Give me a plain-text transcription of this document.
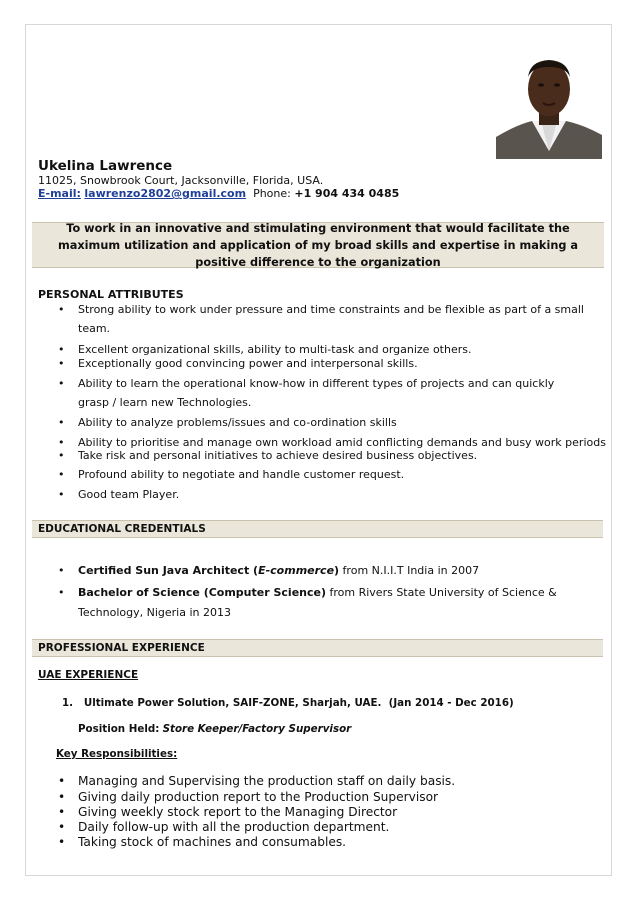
Ukelina Lawrence
11025, Snowbrook Court, Jacksonville, Florida, USA.
E-mail: lawrenzo2802@gmail.com Phone: +1 904 434 0485
To work in an innovative and stimulating environment that would facilitate the maximum utilization and application of my broad skills and expertise in making a positive difference to the organization
PERSONAL ATTRIBUTES
• Strong ability to work under pressure and time constraints and be flexible as part of a small
team.
• Excellent organizational skills, ability to multi-task and organize others.
• Exceptionally good convincing power and interpersonal skills.
• Ability to learn the operational know-how in different types of projects and can quickly
grasp / learn new Technologies.
• Ability to analyze problems/issues and co-ordination skills
• Ability to prioritise and manage own workload amid conflicting demands and busy work periods
• Take risk and personal initiatives to achieve desired business objectives.
• Profound ability to negotiate and handle customer request.
• Good team Player.
EDUCATIONAL CREDENTIALS
• Certified Sun Java Architect (E-commerce) from N.I.I.T India in 2007
• Bachelor of Science (Computer Science) from Rivers State University of Science &
Technology, Nigeria in 2013
PROFESSIONAL EXPERIENCE
UAE EXPERIENCE
1. Ultimate Power Solution, SAIF-ZONE, Sharjah, UAE. (Jan 2014 - Dec 2016)
Position Held: Store Keeper/Factory Supervisor
Key Responsibilities:
• Managing and Supervising the production staff on daily basis.
• Giving daily production report to the Production Supervisor
• Giving weekly stock report to the Managing Director
• Daily follow-up with all the production department.
• Taking stock of machines and consumables.
